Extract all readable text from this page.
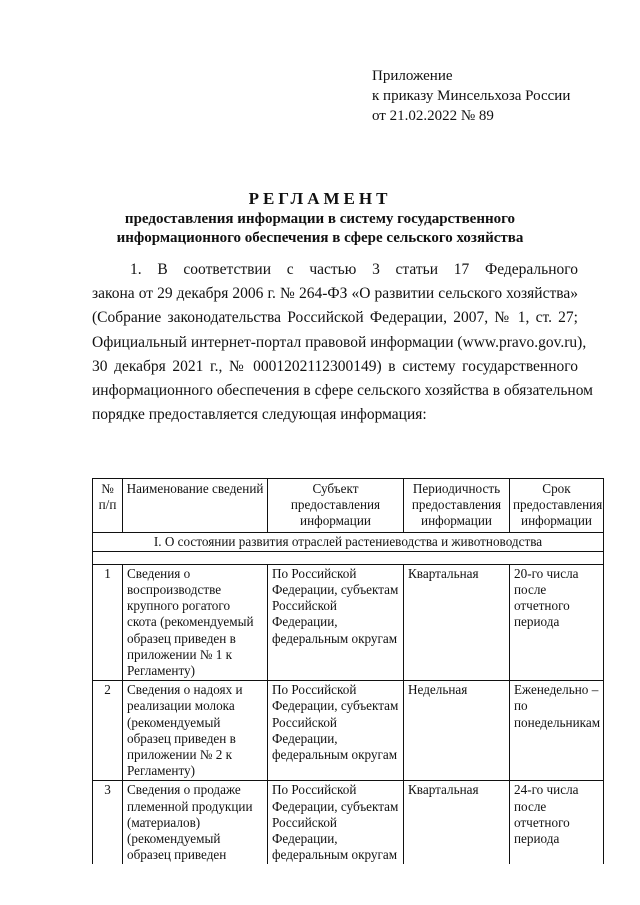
Приложение
к приказу Минсельхоза России
от 21.02.2022 № 89
РЕГЛАМЕНТ
предоставления информации в систему государственного
информационного обеспечения в сфере сельского хозяйства
1. В соответствии с частью 3 статьи 17 Федерального
закона от 29 декабря 2006 г. № 264-ФЗ «О развитии сельского хозяйства»
(Собрание законодательства Российской Федерации, 2007, № 1, ст. 27;
Официальный интернет-портал правовой информации (www.pravo.gov.ru),
30 декабря 2021 г., № 0001202112300149) в систему государственного
информационного обеспечения в сфере сельского хозяйства в обязательном
порядке предоставляется следующая информация:
№ п/п	Наименование сведений	Субъект предоставления информации	Периодичность предоставления информации	Срок предоставления информации
I. О состоянии развития отраслей растениеводства и животноводства				

1	Сведения о воспроизводстве крупного рогатого скота (рекомендуемый образец приведен в приложении № 1 к Регламенту)	По Российской Федерации, субъектам Российской Федерации, федеральным округам	Квартальная	20-го числа после отчетного периода
2	Сведения о надоях и реализации молока (рекомендуемый образец приведен в приложении № 2 к Регламенту)	По Российской Федерации, субъектам Российской Федерации, федеральным округам	Недельная	Еженедельно – по понедельникам
3	Сведения о продаже племенной продукции (материалов) (рекомендуемый образец приведен	По Российской Федерации, субъектам Российской Федерации, федеральным округам	Квартальная	24-го числа после отчетного периода
